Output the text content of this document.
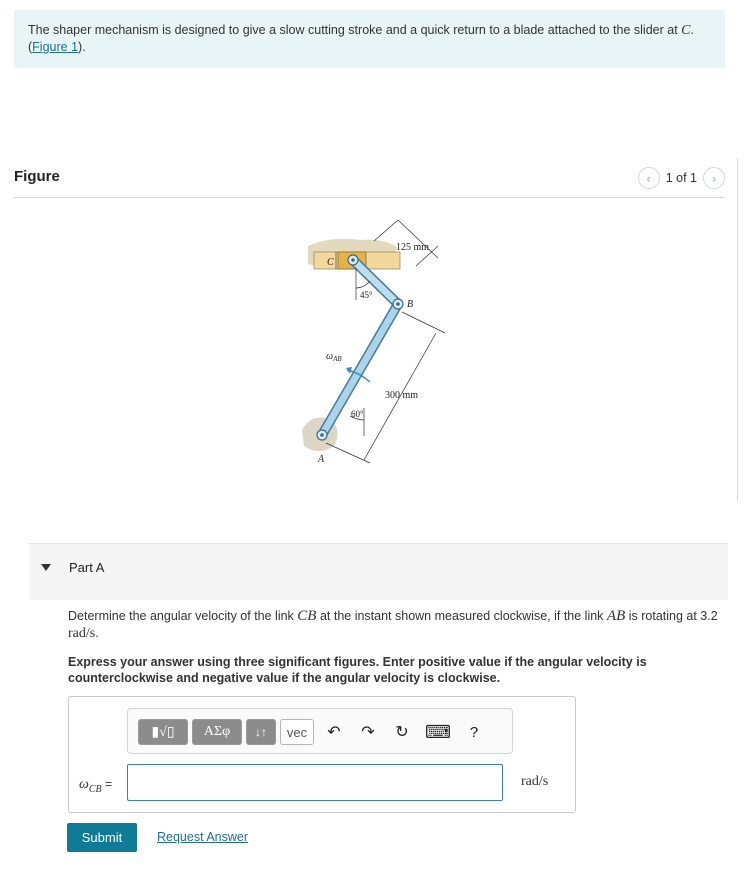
The shaper mechanism is designed to give a slow cutting stroke and a quick return to a blade attached to the slider at C. (Figure 1).
Figure	‹	1 of 1	›
C
B
A
45°
60°
125 mm
300 mm
$\omega_{AB}$
Part A
Determine the angular velocity of the link CB at the instant shown measured clockwise, if the link AB is rotating at 3.2 rad/s.
Express your answer using three significant figures. Enter positive value if the angular velocity is counterclockwise and negative value if the angular velocity is clockwise.
▮√▯	ΑΣφ	↓↑	vec	↶ ↷ ↻ ⌨	?
$\omega_{CB}$ =	rad/s
Submit	Request Answer
